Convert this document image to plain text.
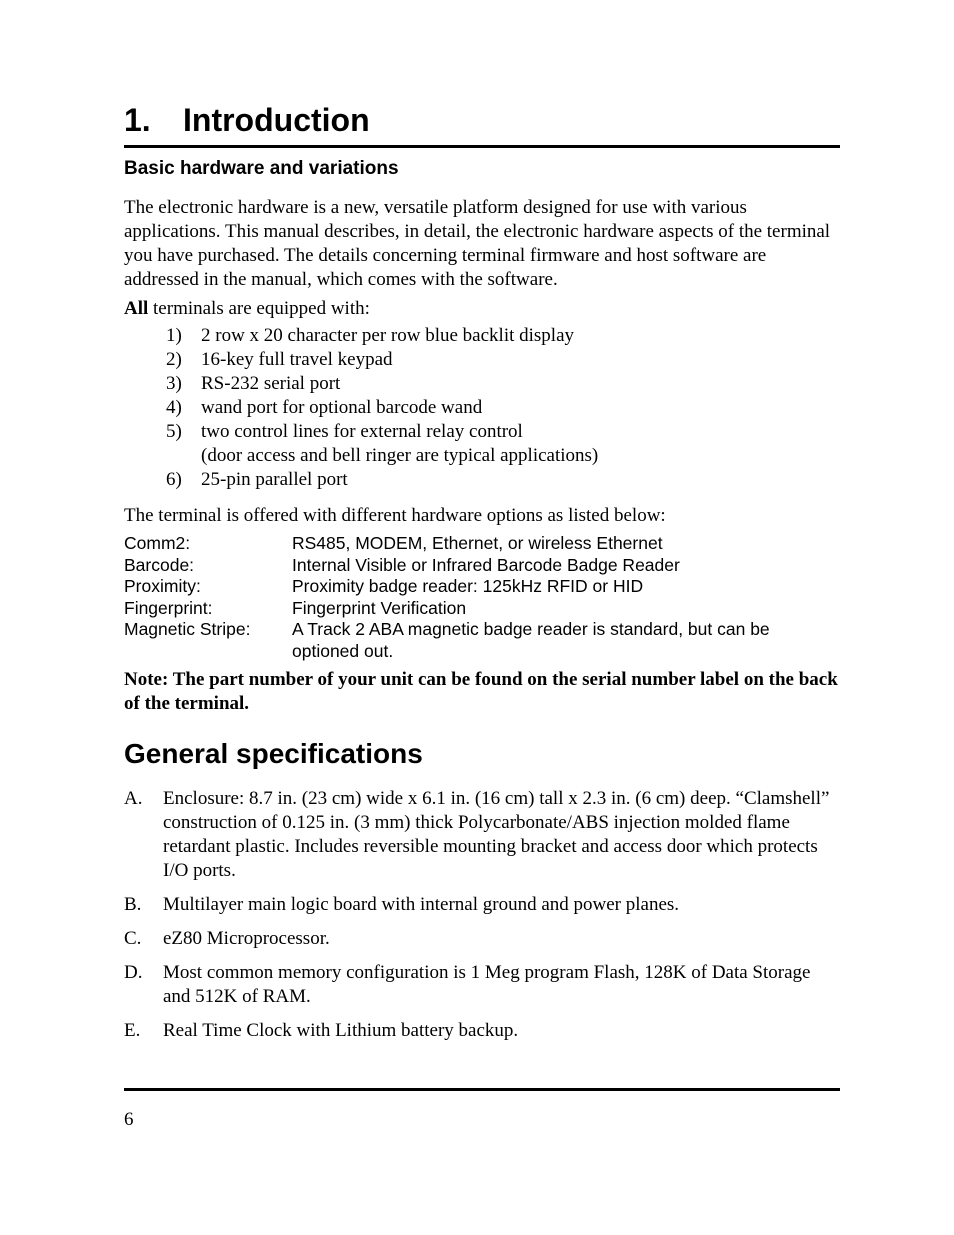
1. Introduction
Basic hardware and variations

The electronic hardware is a new, versatile platform designed for use with various applications. This manual describes, in detail, the electronic hardware aspects of the terminal you have purchased. The details concerning terminal firmware and host software are addressed in the manual, which comes with the software.

All terminals are equipped with:

1)	2 row x 20 character per row blue backlit display
2)	16-key full travel keypad
3)	RS-232 serial port
4)	wand port for optional barcode wand
5)	two control lines for external relay control
(door access and bell ringer are typical applications)
6)	25-pin parallel port

The terminal is offered with different hardware options as listed below:

Comm2:	RS485, MODEM, Ethernet, or wireless Ethernet
Barcode:	Internal Visible or Infrared Barcode Badge Reader
Proximity:	Proximity badge reader: 125kHz RFID or HID
Fingerprint:	Fingerprint Verification
Magnetic Stripe:	A Track 2 ABA magnetic badge reader is standard, but can be optioned out.

Note: The part number of your unit can be found on the serial number label on the back of the terminal.

General specifications
A.	Enclosure: 8.7 in. (23 cm) wide x 6.1 in. (16 cm) tall x 2.3 in. (6 cm) deep. “Clamshell” construction of 0.125 in. (3 mm) thick Polycarbonate/ABS injection molded flame retardant plastic. Includes reversible mounting bracket and access door which protects I/O ports.
B.	Multilayer main logic board with internal ground and power planes.
C.	eZ80 Microprocessor.
D.	Most common memory configuration is 1 Meg program Flash, 128K of Data Storage and 512K of RAM.
E.	Real Time Clock with Lithium battery backup.
6
